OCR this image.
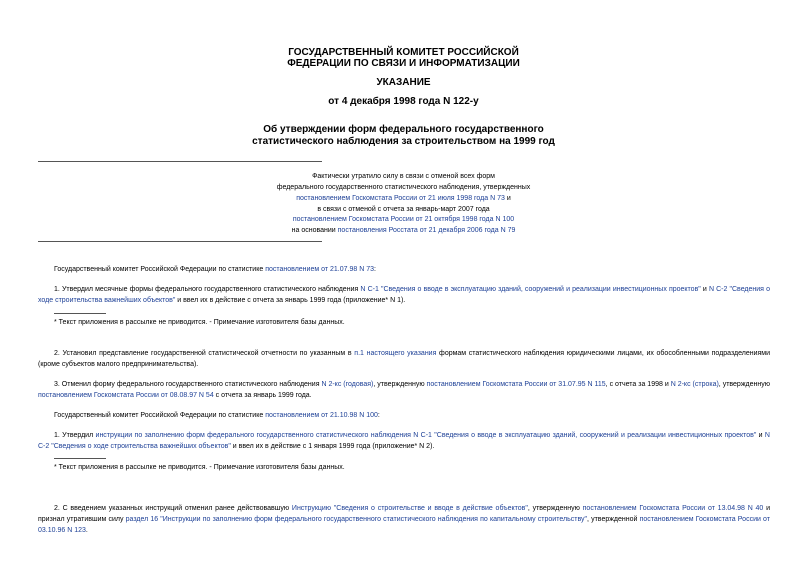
ГОСУДАРСТВЕННЫЙ КОМИТЕТ РОССИЙСКОЙ
ФЕДЕРАЦИИ ПО СВЯЗИ И ИНФОРМАТИЗАЦИИ
УКАЗАНИЕ
от 4 декабря 1998 года N 122-у
Об утверждении форм федерального государственного
статистического наблюдения за строительством на 1999 год
Фактически утратило силу в связи с отменой всех форм
федерального государственного статистического наблюдения, утвержденных
постановлением Госкомстата России от 21 июля 1998 года N 73 и
в связи с отменой с отчета за январь-март 2007 года
постановлением Госкомстата России от 21 октября 1998 года N 100
на основании постановления Росстата от 21 декабря 2006 года N 79
Государственный комитет Российской Федерации по статистике постановлением от 21.07.98 N 73:
1. Утвердил месячные формы федерального государственного статистического наблюдения N С-1 "Сведения о вводе в эксплуатацию зданий, сооружений и реализации инвестиционных проектов" и N С-2 "Сведения о ходе строительства важнейших объектов" и ввел их в действие с отчета за январь 1999 года (приложение* N 1).
* Текст приложения в рассылке не приводится. - Примечание изготовителя базы данных.
2. Установил представление государственной статистической отчетности по указанным в п.1 настоящего указания формам статистического наблюдения юридическими лицами, их обособленными подразделениями (кроме субъектов малого предпринимательства).
3. Отменил форму федерального государственного статистического наблюдения N 2-кс (годовая), утвержденную постановлением Госкомстата России от 31.07.95 N 115, с отчета за 1998 и N 2-кс (строка), утвержденную постановлением Госкомстата России от 08.08.97 N 54 с отчета за январь 1999 года.
Государственный комитет Российской Федерации по статистике постановлением от 21.10.98 N 100:
1. Утвердил инструкции по заполнению форм федерального государственного статистического наблюдения N С-1 "Сведения о вводе в эксплуатацию зданий, сооружений и реализации инвестиционных проектов" и N С-2 "Сведения о ходе строительства важнейших объектов" и ввел их в действие с 1 января 1999 года (приложение* N 2).
* Текст приложения в рассылке не приводится. - Примечание изготовителя базы данных.
2. С введением указанных инструкций отменил ранее действовавшую Инструкцию "Сведения о строительстве и вводе в действие объектов", утвержденную постановлением Госкомстата России от 13.04.98 N 40 и признал утратившим силу раздел 16 "Инструкции по заполнению форм федерального государственного статистического наблюдения по капитальному строительству", утвержденной постановлением Госкомстата России от 03.10.96 N 123.
